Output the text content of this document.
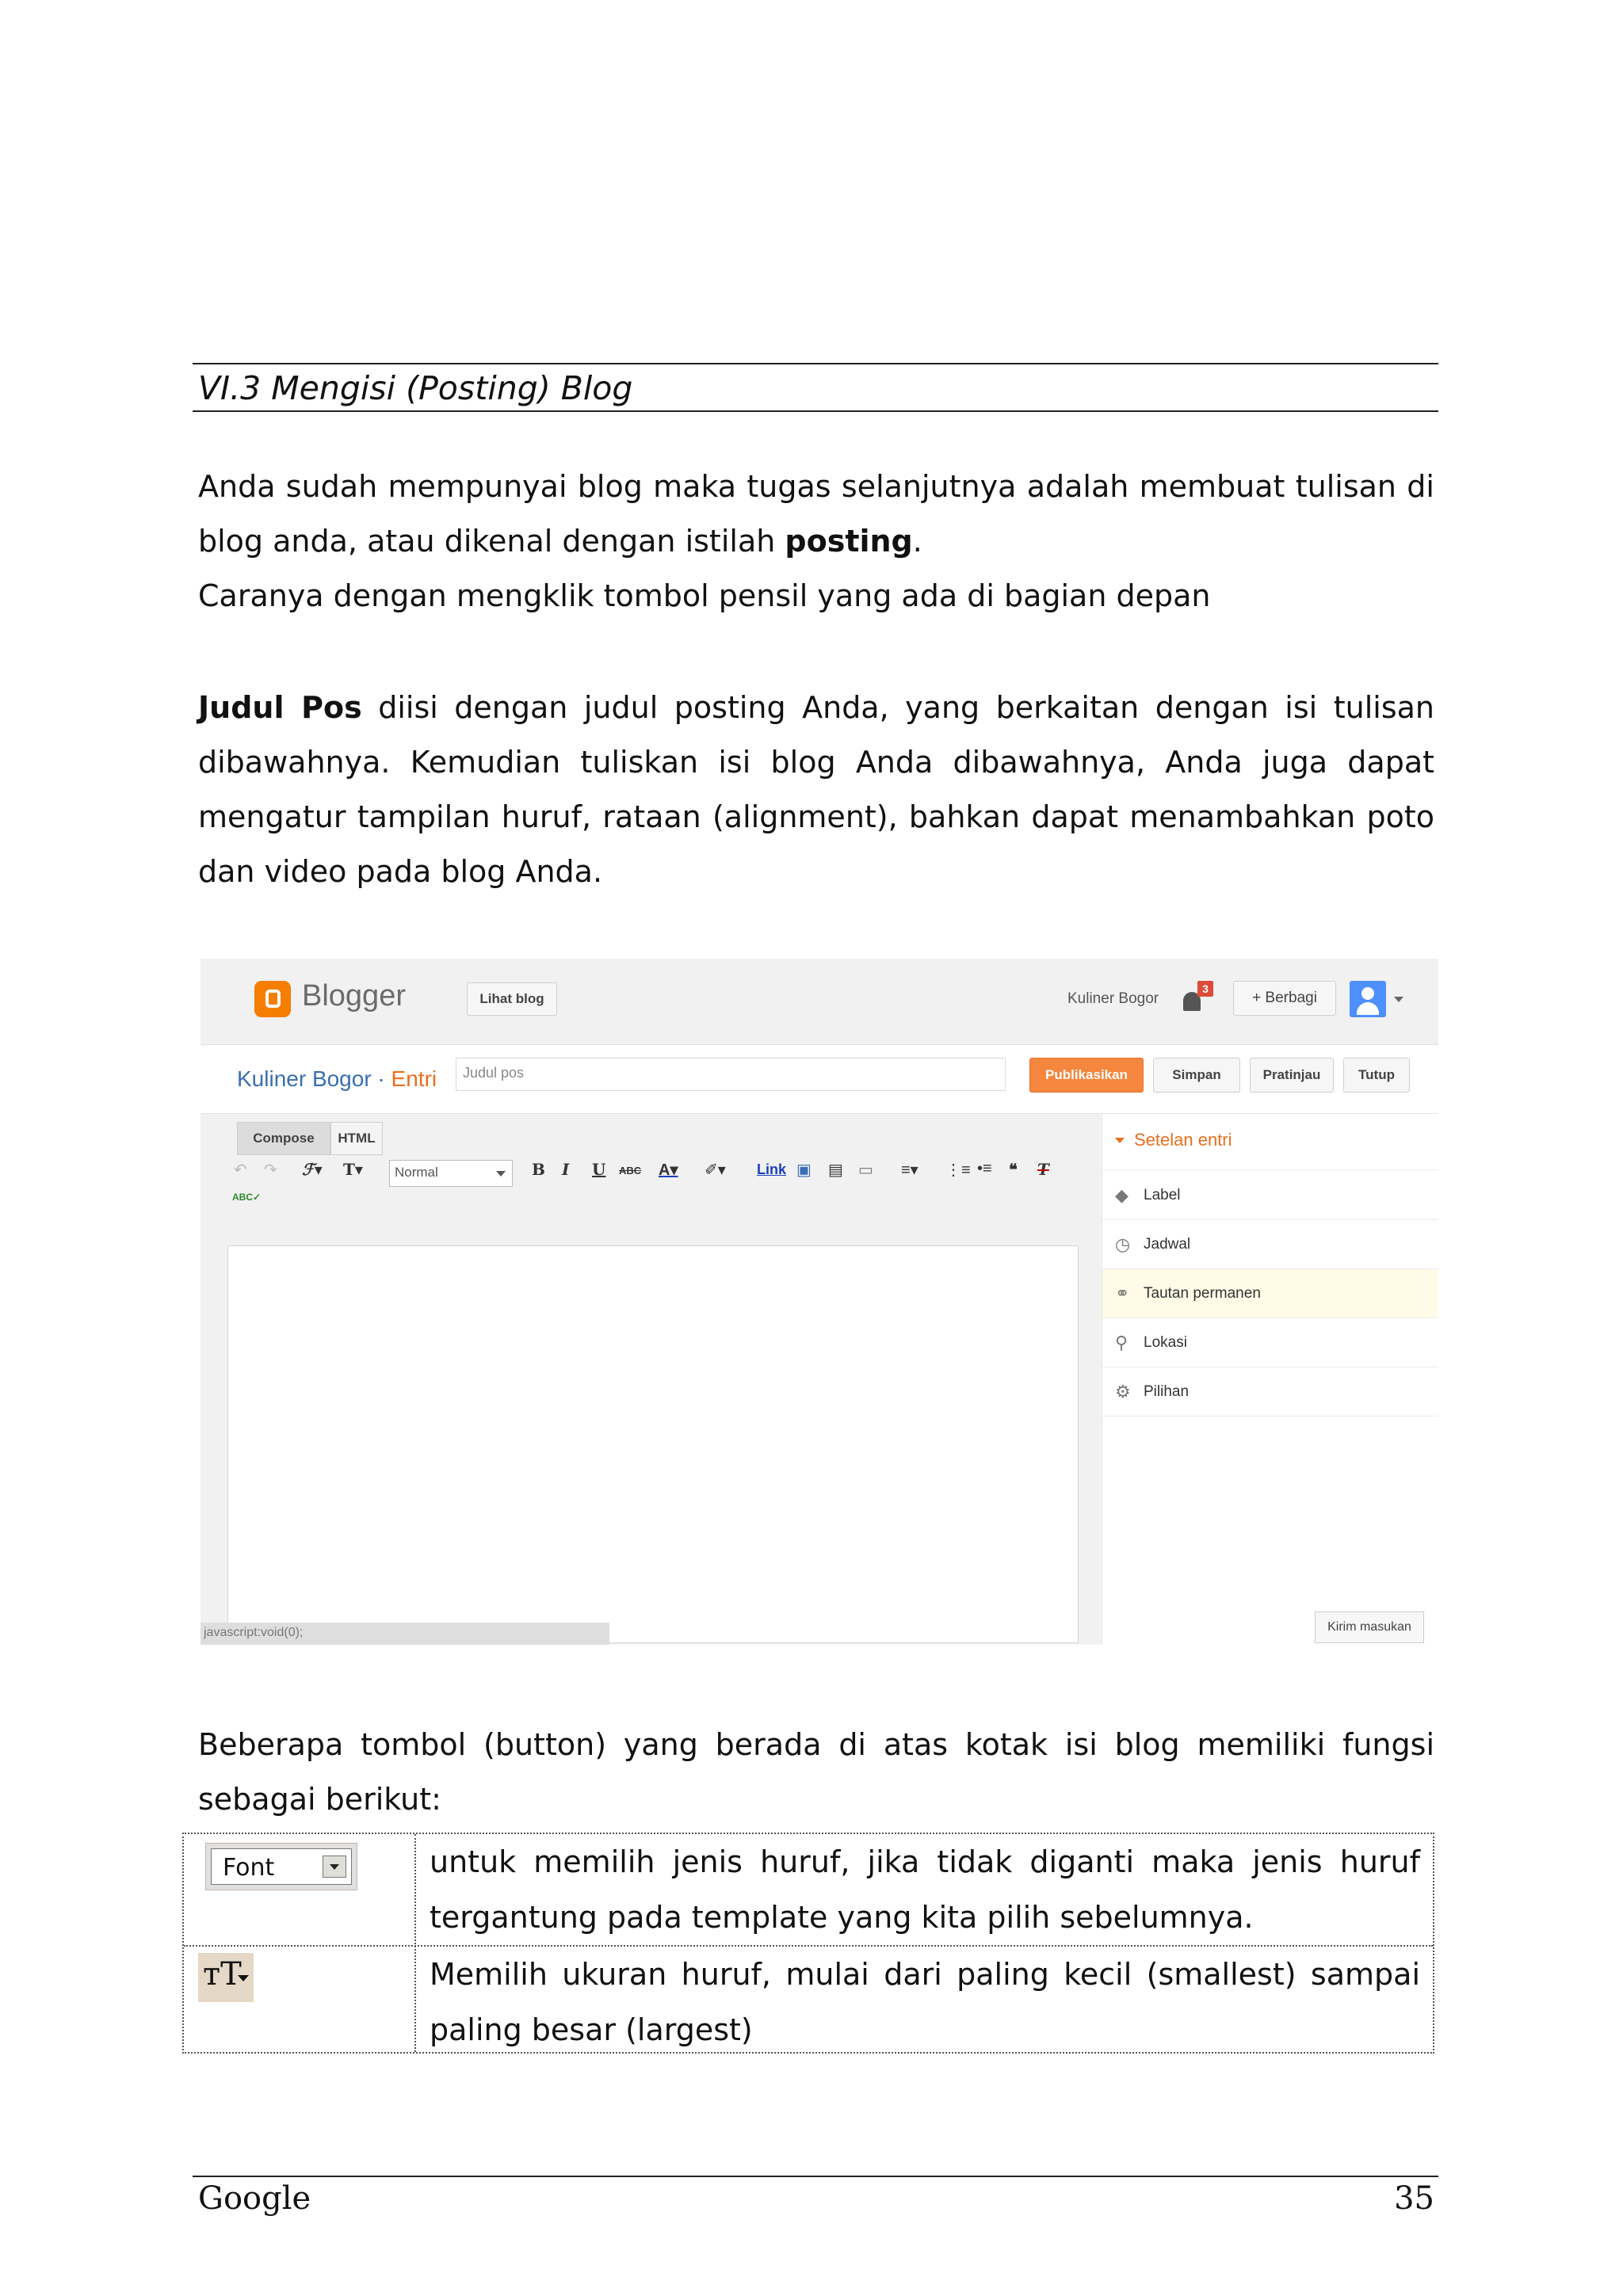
VI.3 Mengisi (Posting) Blog
Anda sudah mempunyai blog maka tugas selanjutnya adalah membuat tulisan di
blog anda, atau dikenal dengan istilah posting.
Caranya dengan mengklik tombol pensil yang ada di bagian depan
Judul Pos diisi dengan judul posting Anda, yang berkaitan dengan isi tulisan
dibawahnya. Kemudian tuliskan isi blog Anda dibawahnya, Anda juga dapat
mengatur tampilan huruf, rataan (alignment), bahkan dapat menambahkan poto
dan video pada blog Anda.
Blogger	Lihat blog	Kuliner Bogor
3
+ Berbagi
Kuliner Bogor · Entri	Judul pos	Publikasikan	Simpan	Pratinjau	Tutup
Compose	HTML
↶ ↷ ℱ▾ T▾	Normal	B I U ABC A▾ ✐▾ Link ▣ ▤ ▭ ≡▾ ⋮≡ •≡ ❝ T
ABC✓
javascript:void(0);
Setelan entri
◆ Label
◷ Jadwal
⚭ Tautan permanen
⚲ Lokasi
⚙ Pilihan
Kirim masukan
Beberapa tombol (button) yang berada di atas kotak isi blog memiliki fungsi
sebagai berikut:
Font	untuk memilih jenis huruf, jika tidak diganti maka jenis huruf
tergantung pada template yang kita pilih sebelumnya.
ᴛT	Memilih ukuran huruf, mulai dari paling kecil (smallest) sampai
paling besar (largest)
Google	35
